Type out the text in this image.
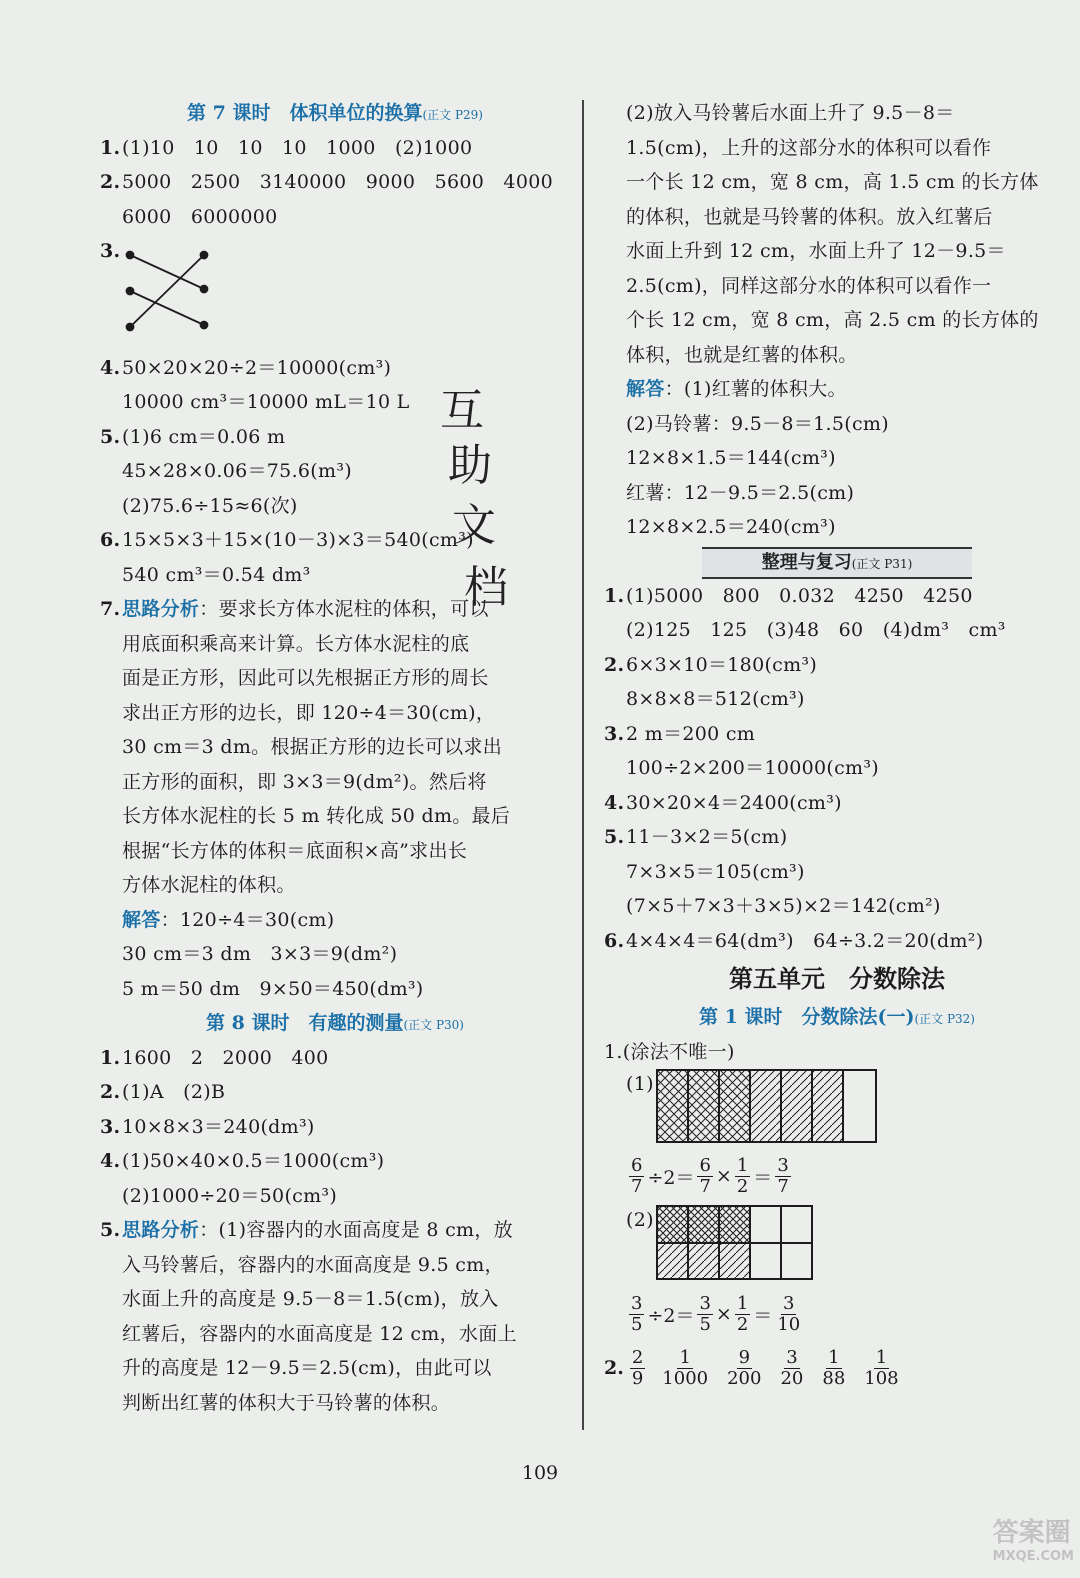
第 7 课时　体积单位的换算(正文 P29)
1.(1)10　10　10　10　1000　(2)1000
2.5000　2500　3140000　9000　5600　4000
6000　6000000
3.
4.50×20×20÷2＝10000(cm³)
10000 cm³＝10000 mL＝10 L
5.(1)6 cm＝0.06 m
45×28×0.06＝75.6(m³)
(2)75.6÷15≈6(次)
6.15×5×3＋15×(10－3)×3＝540(cm³)
540 cm³＝0.54 dm³
7.思路分析：要求长方体水泥柱的体积，可以
用底面积乘高来计算。长方体水泥柱的底
面是正方形，因此可以先根据正方形的周长
求出正方形的边长，即 120÷4＝30(cm)，
30 cm＝3 dm。根据正方形的边长可以求出
正方形的面积，即 3×3＝9(dm²)。然后将
长方体水泥柱的长 5 m 转化成 50 dm。最后
根据“长方体的体积＝底面积×高”求出长
方体水泥柱的体积。
解答：120÷4＝30(cm)
30 cm＝3 dm　3×3＝9(dm²)
5 m＝50 dm　9×50＝450(dm³)
第 8 课时　有趣的测量(正文 P30)
1.1600　2　2000　400
2.(1)A　(2)B
3.10×8×3＝240(dm³)
4.(1)50×40×0.5＝1000(cm³)
(2)1000÷20＝50(cm³)
5.思路分析：(1)容器内的水面高度是 8 cm，放
入马铃薯后，容器内的水面高度是 9.5 cm，
水面上升的高度是 9.5－8＝1.5(cm)，放入
红薯后，容器内的水面高度是 12 cm，水面上
升的高度是 12－9.5＝2.5(cm)，由此可以
判断出红薯的体积大于马铃薯的体积。
互
助
文
档
(2)放入马铃薯后水面上升了 9.5－8＝
1.5(cm)，上升的这部分水的体积可以看作
一个长 12 cm，宽 8 cm，高 1.5 cm 的长方体
的体积，也就是马铃薯的体积。放入红薯后
水面上升到 12 cm，水面上升了 12－9.5＝
2.5(cm)，同样这部分水的体积可以看作一
个长 12 cm，宽 8 cm，高 2.5 cm 的长方体的
体积，也就是红薯的体积。
解答：(1)红薯的体积大。
(2)马铃薯：9.5－8＝1.5(cm)
12×8×1.5＝144(cm³)
红薯：12－9.5＝2.5(cm)
12×8×2.5＝240(cm³)
整理与复习(正文 P31)
1.(1)5000　800　0.032　4250　4250
(2)125　125　(3)48　60　(4)dm³　cm³
2.6×3×10＝180(cm³)
8×8×8＝512(cm³)
3.2 m＝200 cm
100÷2×200＝10000(cm³)
4.30×20×4＝2400(cm³)
5.11－3×2＝5(cm)
7×3×5＝105(cm³)
(7×5＋7×3＋3×5)×2＝142(cm²)
6.4×4×4＝64(dm³)　64÷3.2＝20(dm²)
第五单元　分数除法
第 1 课时　分数除法(一)(正文 P32)
1.(涂法不唯一)
(1)
$\frac{6}{7} \div 2= \frac{6}{7} \times \frac{1}{2} = \frac{3}{7}$
(2)
$\frac{3}{5} \div 2= \frac{3}{5} \times \frac{1}{2} = \frac{3}{10}$
2. $\frac{2}{9} \frac{1}{1000} \frac{9}{200} \frac{3}{20} \frac{1}{88} \frac{1}{108}$
109
答案圈
MXQE.COM
